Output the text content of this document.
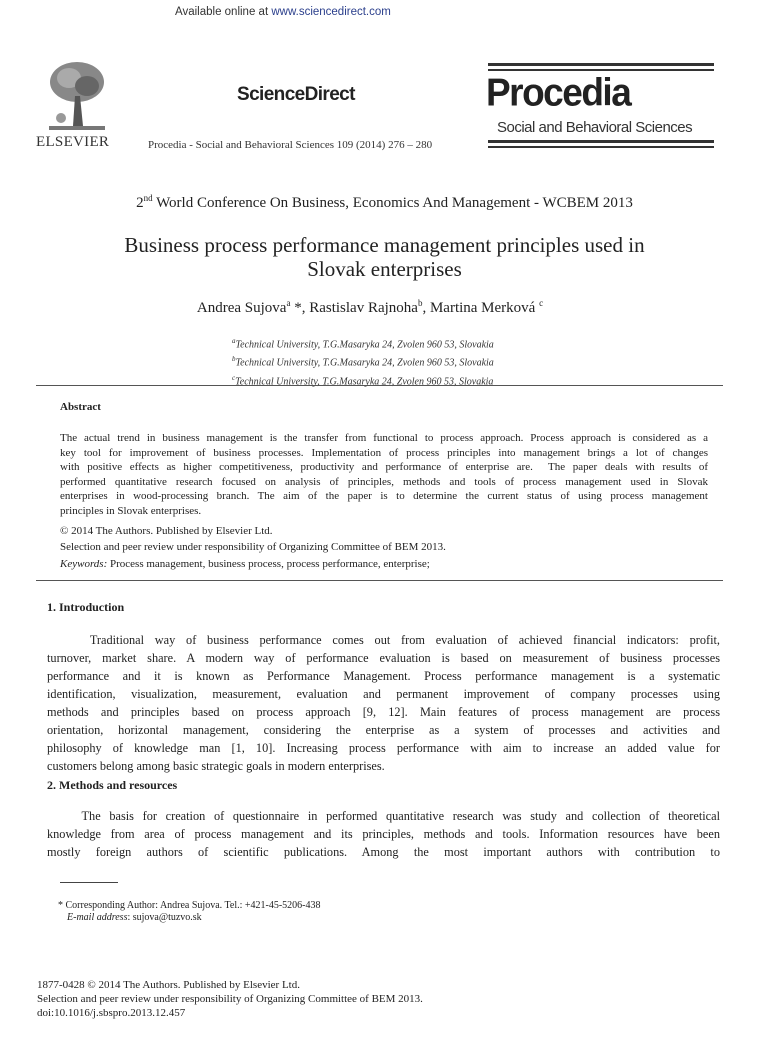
ELSEVIER
Available online at www.sciencedirect.com
ScienceDirect
Procedia - Social and Behavioral Sciences 109 (2014) 276 – 280
Procedia
Social and Behavioral Sciences
2nd World Conference On Business, Economics And Management - WCBEM 2013
Business process performance management principles used in
Slovak enterprises
Andrea Sujova$^a$ *, Rastislav Rajnoha$^b$, Martina Merková $^c$
$^a$Technical University, T.G.Masaryka 24, Zvolen 960 53, Slovakia
$^b$Technical University, T.G.Masaryka 24, Zvolen 960 53, Slovakia
$^c$Technical University, T.G.Masaryka 24, Zvolen 960 53, Slovakia
Abstract
The actual trend in business management is the transfer from functional to process approach. Process approach is considered as a
key tool for improvement of business processes. Implementation of process principles into management brings a lot of changes
with positive effects as higher competitiveness, productivity and performance of enterprise are.  The paper deals with results of
performed quantitative research focused on analysis of principles, methods and tools of process management used in Slovak
enterprises in wood-processing branch. The aim of the paper is to determine the current status of using process management
principles in Slovak enterprises.
© 2014 The Authors. Published by Elsevier Ltd.
Selection and peer review under responsibility of Organizing Committee of BEM 2013.
Keywords: Process management, business process, process performance, enterprise;
1. Introduction
Traditional way of business performance comes out from evaluation of achieved financial indicators: profit,
turnover, market share. A modern way of performance evaluation is based on measurement of business processes
performance and it is known as Performance Management. Process performance management is a systematic
identification, visualization, measurement, evaluation and permanent improvement of company processes using
methods and principles based on process approach [9, 12]. Main features of process management are process
orientation, horizontal management, considering the enterprise as a system of processes and activities and
philosophy of knowledge man [1, 10]. Increasing process performance with aim to increase an added value for
customers belong among basic strategic goals in modern enterprises.
2. Methods and resources
The basis for creation of questionnaire in performed quantitative research was study and collection of theoretical
knowledge from area of process management and its principles, methods and tools. Information resources have been
mostly foreign authors of scientific publications. Among the most important authors with contribution to
* Corresponding Author: Andrea Sujova. Tel.: +421-45-5206-438
E-mail address: sujova@tuzvo.sk
1877-0428 © 2014 The Authors. Published by Elsevier Ltd.
Selection and peer review under responsibility of Organizing Committee of BEM 2013.
doi:10.1016/j.sbspro.2013.12.457
